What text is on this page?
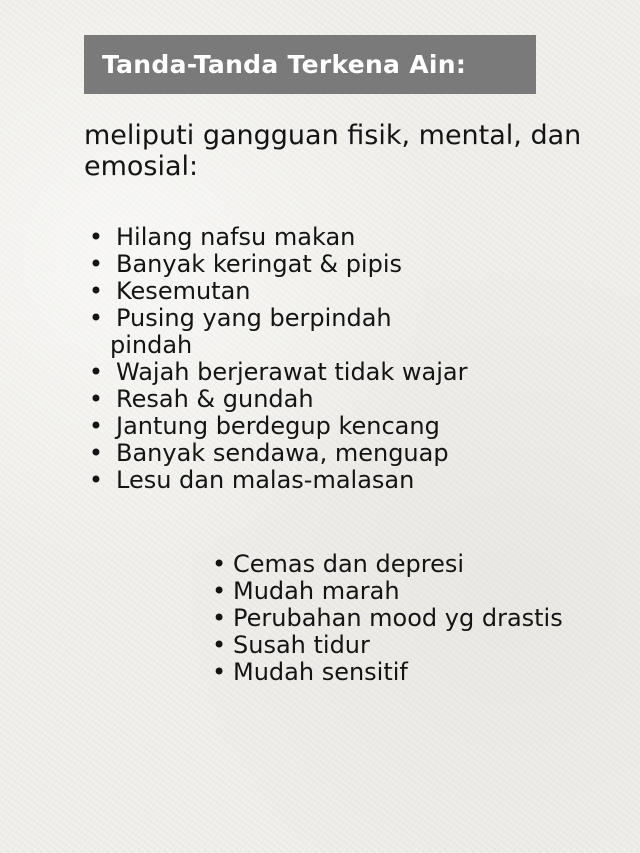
Tanda-Tanda Terkena Ain:
meliputi gangguan fisik, mental, dan emosial:
• Hilang nafsu makan
• Banyak keringat & pipis
• Kesemutan
• Pusing yang berpindah
pindah
• Wajah berjerawat tidak wajar
• Resah & gundah
• Jantung berdegup kencang
• Banyak sendawa, menguap
• Lesu dan malas-malasan
• Cemas dan depresi
• Mudah marah
• Perubahan mood yg drastis
• Susah tidur
• Mudah sensitif
